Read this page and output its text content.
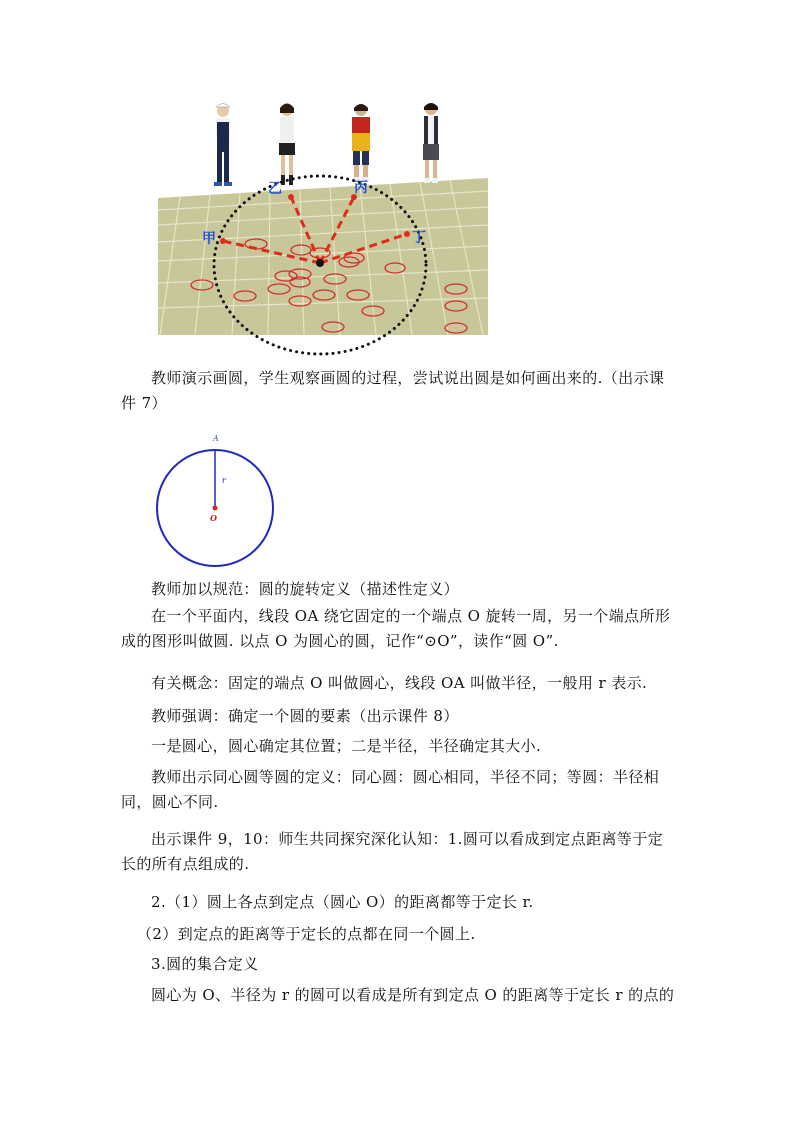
甲
乙	丙
丁

教师演示画圆，学生观察画圆的过程，尝试说出圆是如何画出来的.（出示课件 7）

A
r
O

教师加以规范：圆的旋转定义（描述性定义）

在一个平面内，线段 OA 绕它固定的一个端点 O 旋转一周，另一个端点所形成的图形叫做圆. 以点 O 为圆心的圆，记作“⊙O”，读作“圆 O”.

有关概念：固定的端点 O 叫做圆心，线段 OA 叫做半径，一般用 r 表示.

教师强调：确定一个圆的要素（出示课件 8）

一是圆心，圆心确定其位置；二是半径，半径确定其大小.

教师出示同心圆等圆的定义：同心圆：圆心相同，半径不同；等圆：半径相同，圆心不同.

出示课件 9，10：师生共同探究深化认知：1.圆可以看成到定点距离等于定长的所有点组成的.

2.（1）圆上各点到定点（圆心 O）的距离都等于定长 r.

（2）到定点的距离等于定长的点都在同一个圆上.

3.圆的集合定义

圆心为 O、半径为 r 的圆可以看成是所有到定点 O 的距离等于定长 r 的点的
